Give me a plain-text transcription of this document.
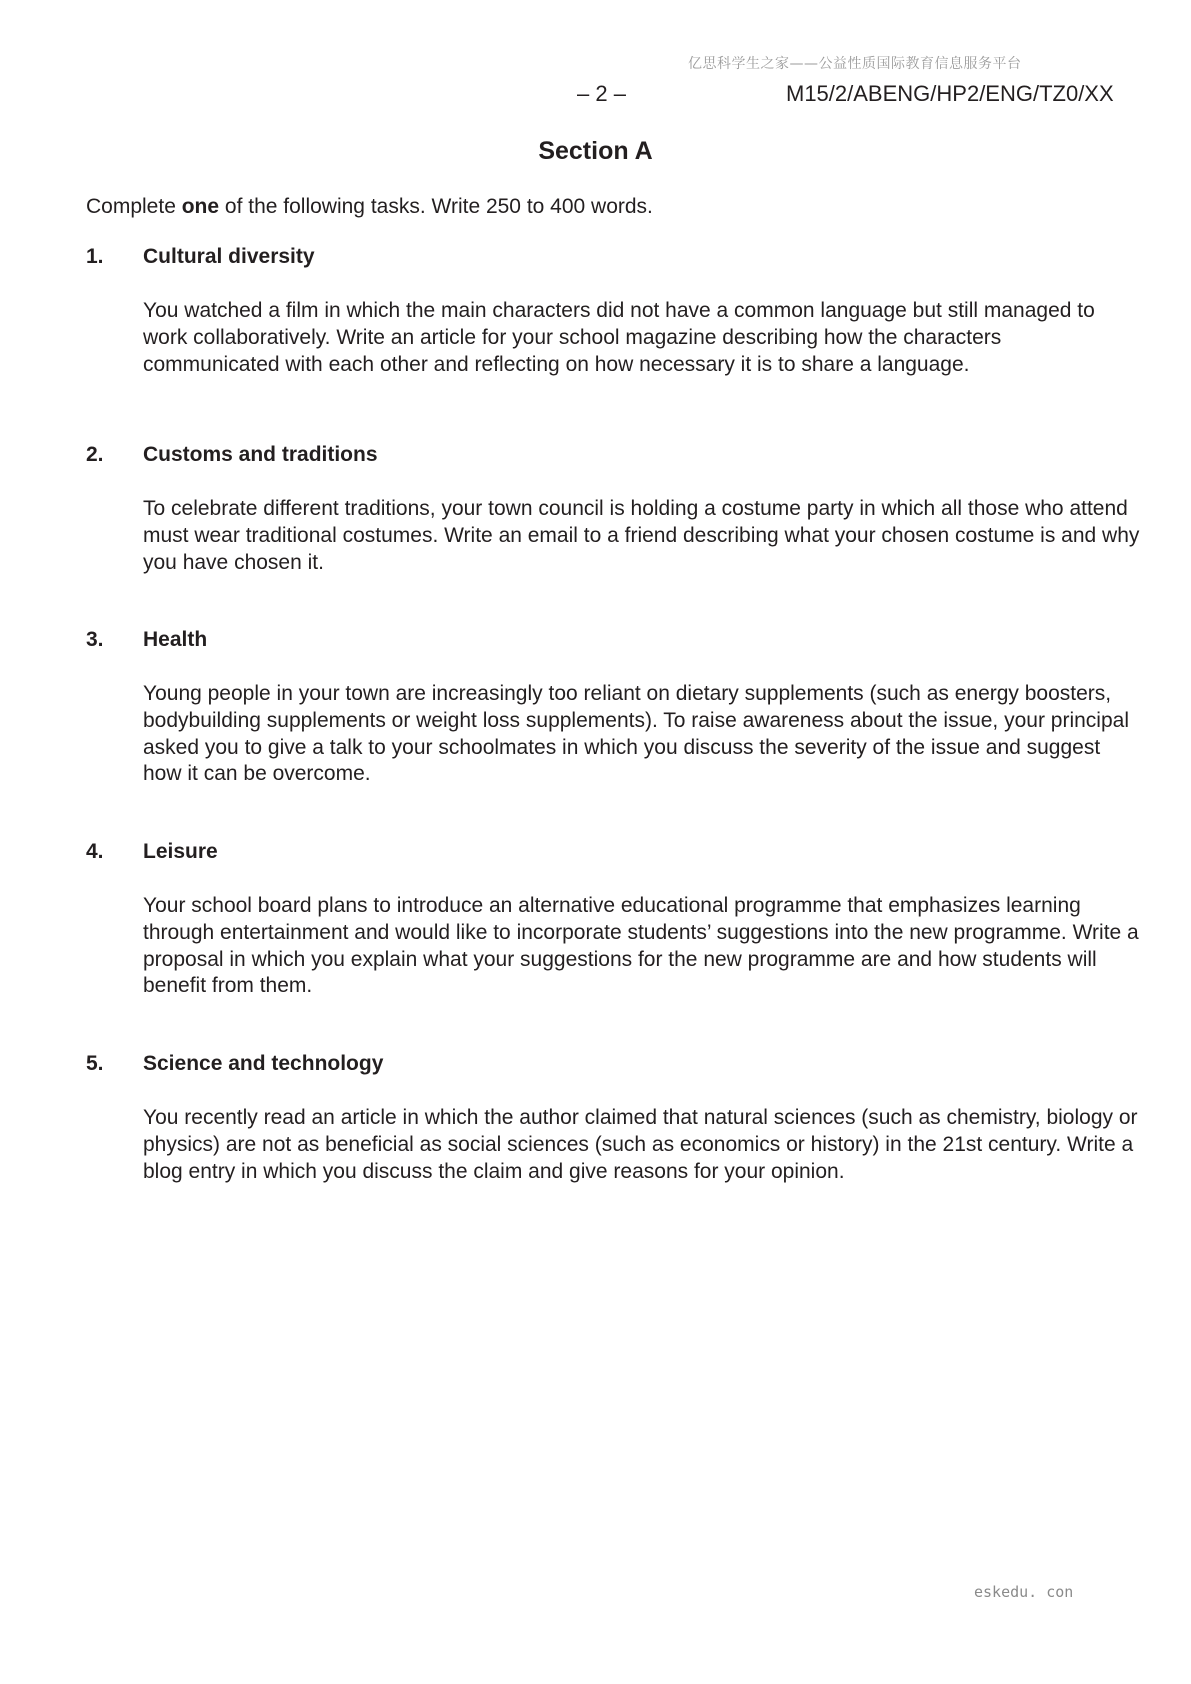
亿思科学生之家——公益性质国际教育信息服务平台
– 2 –	M15/2/ABENG/HP2/ENG/TZ0/XX
Section A
Complete one of the following tasks. Write 250 to 400 words.
1. Cultural diversity
You watched a film in which the main characters did not have a common language but still managed to work collaboratively. Write an article for your school magazine describing how the characters communicated with each other and reflecting on how necessary it is to share a language.
2. Customs and traditions
To celebrate different traditions, your town council is holding a costume party in which all those who attend must wear traditional costumes. Write an email to a friend describing what your chosen costume is and why you have chosen it.
3. Health
Young people in your town are increasingly too reliant on dietary supplements (such as energy boosters, bodybuilding supplements or weight loss supplements). To raise awareness about the issue, your principal asked you to give a talk to your schoolmates in which you discuss the severity of the issue and suggest how it can be overcome.
4. Leisure
Your school board plans to introduce an alternative educational programme that emphasizes learning through entertainment and would like to incorporate students’ suggestions into the new programme. Write a proposal in which you explain what your suggestions for the new programme are and how students will benefit from them.
5. Science and technology
You recently read an article in which the author claimed that natural sciences (such as chemistry, biology or physics) are not as beneficial as social sciences (such as economics or history) in the 21st century. Write a blog entry in which you discuss the claim and give reasons for your opinion.
eskedu. con
